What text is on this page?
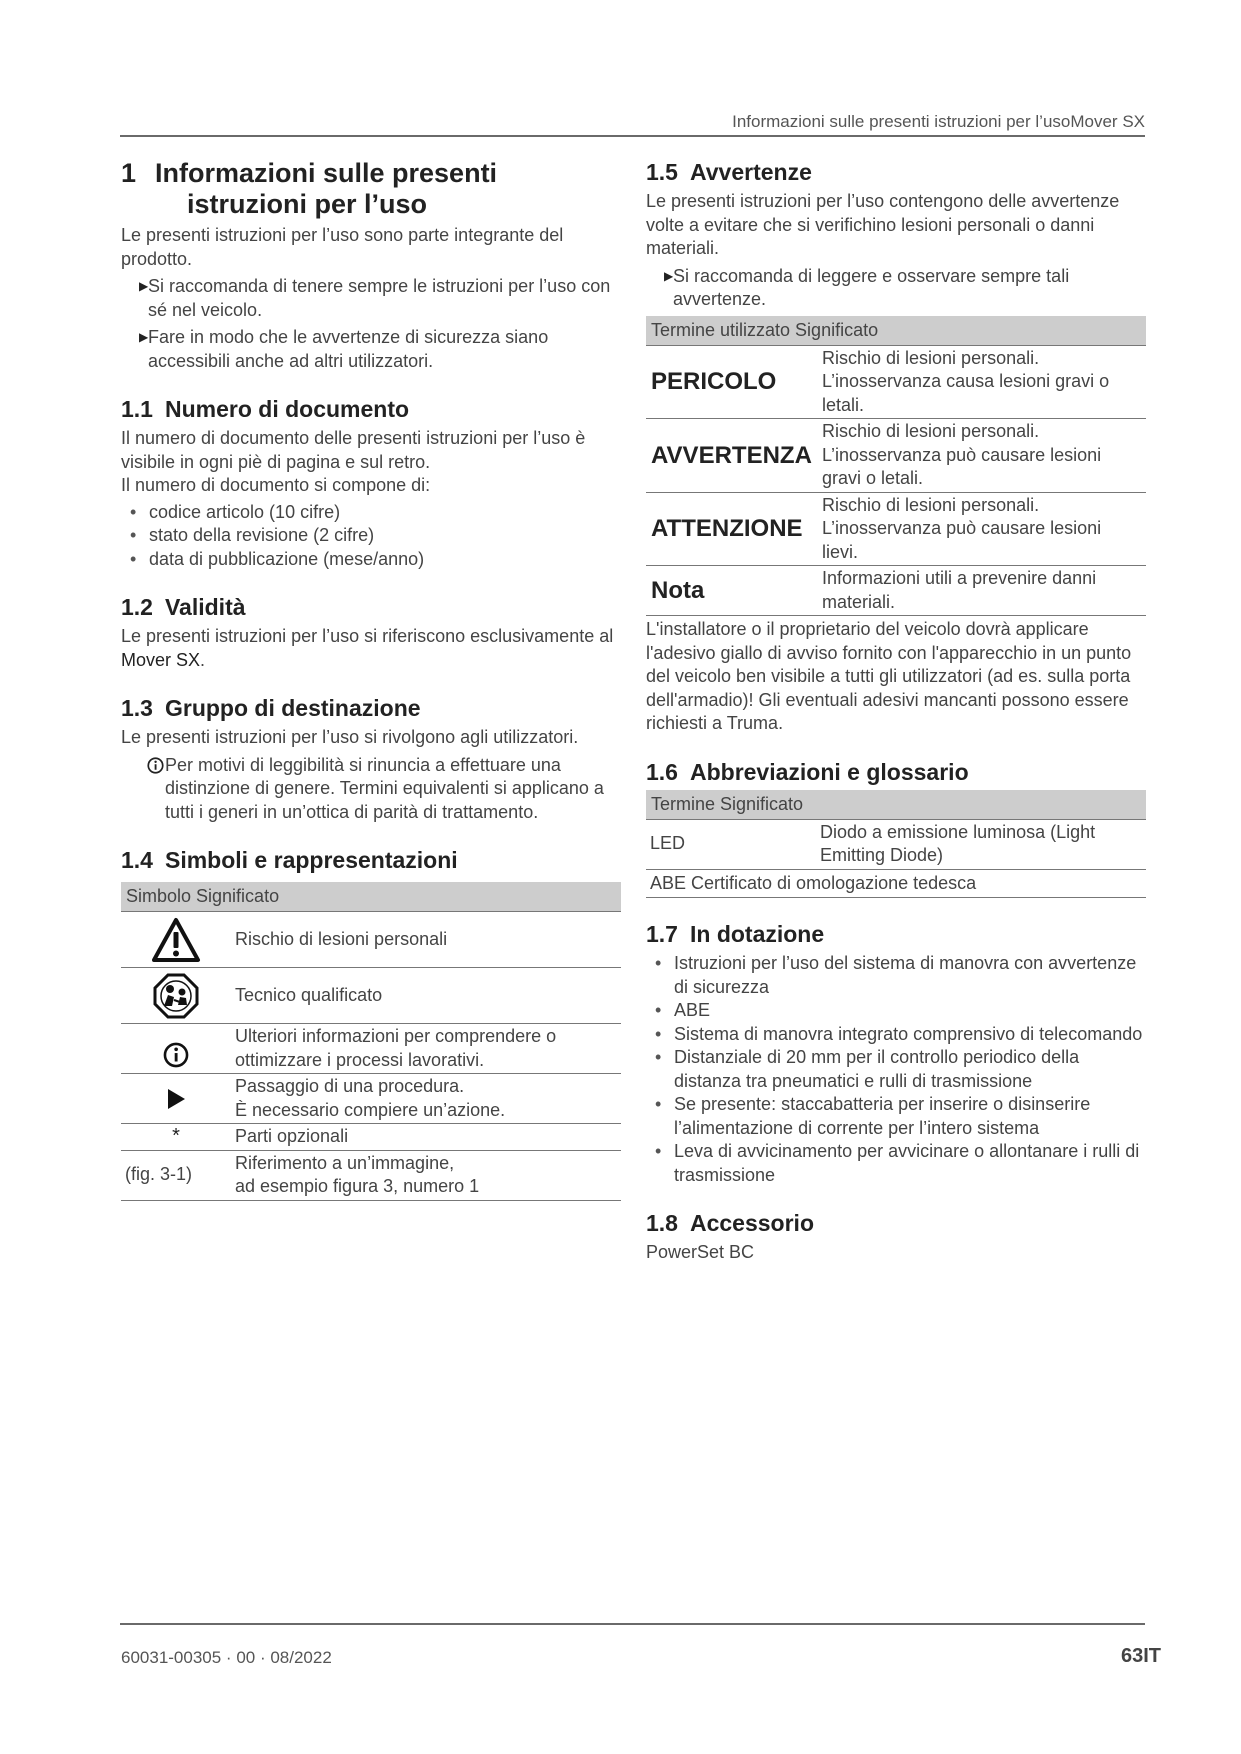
Informazioni sulle presenti istruzioni per l’usoMover SX
1 Informazioni sulle presenti
istruzioni per l’uso

Le presenti istruzioni per l’uso sono parte integrante del prodotto.

▶ Si raccomanda di tenere sempre le istruzioni per l’uso con sé nel veicolo.
▶ Fare in modo che le avvertenze di sicurezza siano accessibili anche ad altri utilizzatori.
1.1 Numero di documento

Il numero di documento delle presenti istruzioni per l’uso è visibile in ogni piè di pagina e sul retro.

Il numero di documento si compone di:

• codice articolo (10 cifre)
• stato della revisione (2 cifre)
• data di pubblicazione (mese/anno)
1.2 Validità

Le presenti istruzioni per l’uso si riferiscono esclusivamente al Mover SX.

1.3 Gruppo di destinazione

Le presenti istruzioni per l’uso si rivolgono agli utilizzatori.

Per motivi di leggibilità si rinuncia a effettuare una distinzione di genere. Termini equivalenti si applicano a tutti i generi in un’ottica di parità di trattamento.
1.4 Simboli e rappresentazioni
Simbolo Significato	

	Rischio di lesioni personali

	Tecnico qualificato

	Ulteriori informazioni per comprendere o ottimizzare i processi lavorativi.

	Passaggio di una procedura.
È necessario compiere un’azione.
*	Parti opzionali
(fig. 3-1)	Riferimento a un’immagine,
ad esempio figura 3, numero 1
1.5 Avvertenze

Le presenti istruzioni per l’uso contengono delle avvertenze volte a evitare che si verifichino lesioni personali o danni materiali.

▶ Si raccomanda di leggere e osservare sempre tali avvertenze.
Termine utilizzato Significato	
PERICOLO	Rischio di lesioni personali.
L’inosservanza causa lesioni gravi o letali.
AVVERTENZA	Rischio di lesioni personali.
L’inosservanza può causare lesioni gravi o letali.
ATTENZIONE	Rischio di lesioni personali.
L’inosservanza può causare lesioni lievi.
Nota	Informazioni utili a prevenire danni materiali.

L'installatore o il proprietario del veicolo dovrà applicare l'adesivo giallo di avviso fornito con l'apparecchio in un punto del veicolo ben visibile a tutti gli utilizzatori (ad es. sulla porta dell'armadio)! Gli eventuali adesivi mancanti possono essere richiesti a Truma.

1.6 Abbreviazioni e glossario
Termine Significato
LED	Diodo a emissione luminosa (Light Emitting Diode)
ABE Certificato di omologazione tedesca
1.7 In dotazione
• Istruzioni per l’uso del sistema di manovra con avvertenze di sicurezza
• ABE
• Sistema di manovra integrato comprensivo di telecomando
• Distanziale di 20 mm per il controllo periodico della distanza tra pneumatici e rulli di trasmissione
• Se presente: staccabatteria per inserire o disinserire l’alimentazione di corrente per l’intero sistema
• Leva di avvicinamento per avvicinare o allontanare i rulli di trasmissione
1.8 Accessorio

PowerSet BC

60031-00305 · 00 · 08/2022	63IT
